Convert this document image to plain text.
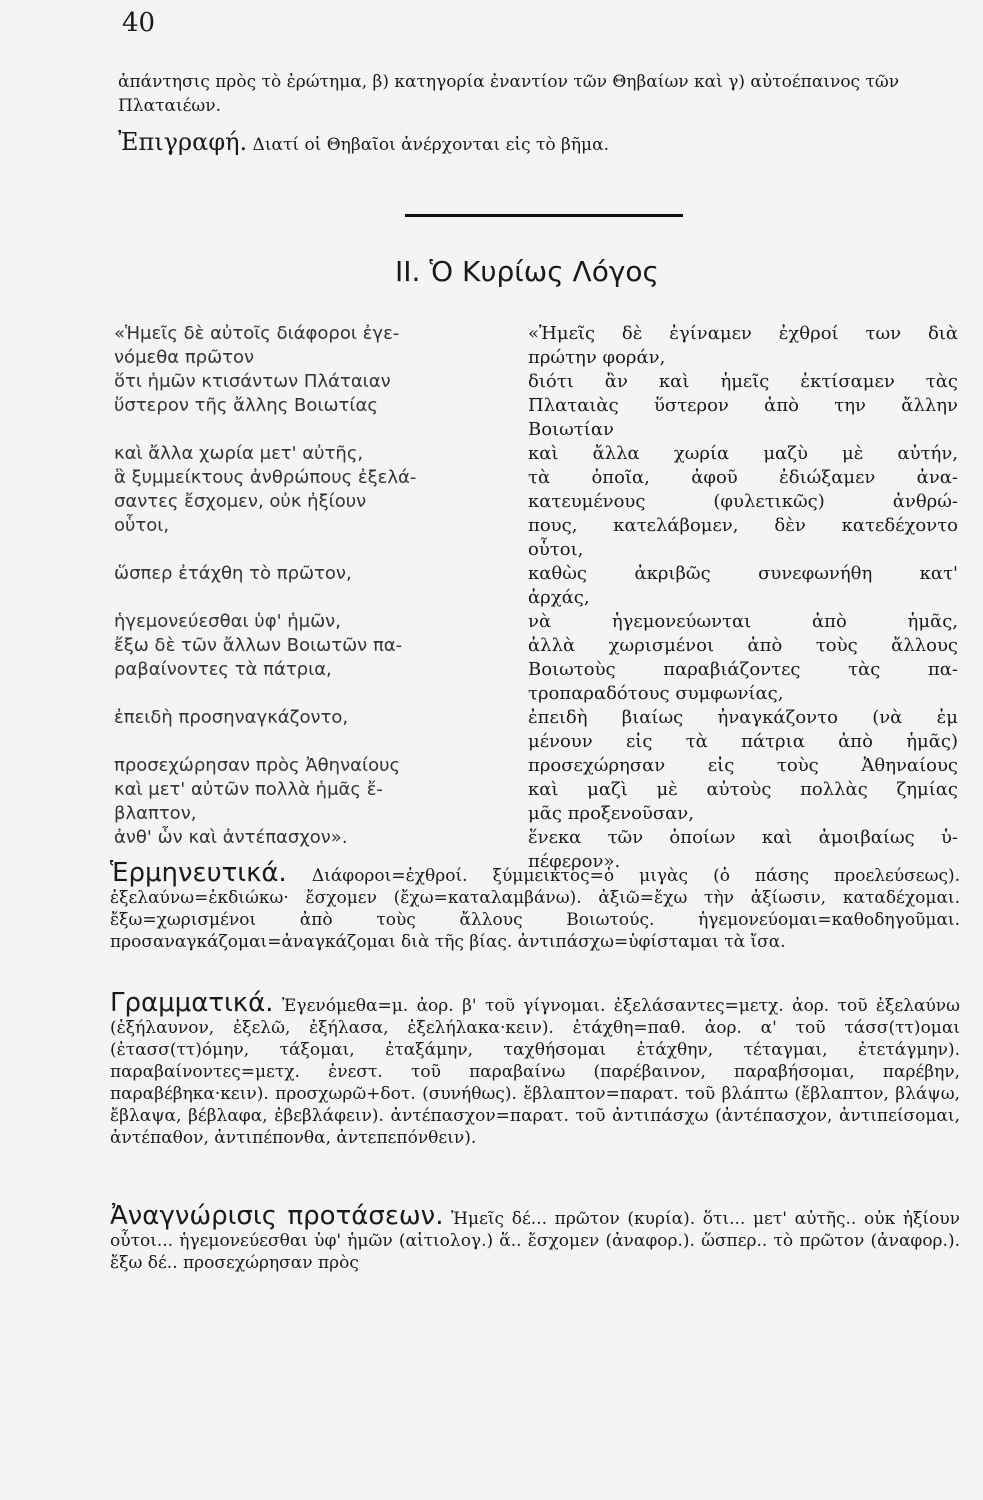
40
ἀπάντησις πρὸς τὸ ἐρώτημα, β) κατηγορία ἐναντίον τῶν Θηβαίων καὶ γ) αὐτοέπαινος τῶν Πλαταιέων.
Ἐπιγραφή. Διατί οἱ Θηβαῖοι ἀνέρχονται εἰς τὸ βῆμα.
II. Ὁ Κυρίως Λόγος

«Ἡμεῖς δὲ αὐτοῖς διάφοροι ἐγε-

νόμεθα πρῶτον

ὅτι ἡμῶν κτισάντων Πλάταιαν

ὕστερον τῆς ἄλλης Βοιωτίας

καὶ ἄλλα χωρία μετ' αὐτῆς,

ἃ ξυμμείκτους ἀνθρώπους ἐξελά-

σαντες ἔσχομεν, οὐκ ἠξίουν

οὗτοι,

ὥσπερ ἐτάχθη τὸ πρῶτον,

ἡγεμονεύεσθαι ὑφ' ἡμῶν,

ἔξω δὲ τῶν ἄλλων Βοιωτῶν πα-

ραβαίνοντες τὰ πάτρια,

ἐπειδὴ προσηναγκάζοντο,

προσεχώρησαν πρὸς Ἀθηναίους

καὶ μετ' αὐτῶν πολλὰ ἡμᾶς ἔ-

βλαπτον,

ἀνθ' ὧν καὶ ἀντέπασχον».

«Ἡμεῖς δὲ ἐγίναμεν ἐχθροί των διὰ

πρώτην φοράν,

διότι ἂν καὶ ἡμεῖς ἐκτίσαμεν τὰς

Πλαταιὰς ὕστερον ἀπὸ την ἄλλην

Βοιωτίαν

καὶ ἄλλα χωρία μαζὺ μὲ αὐτήν,

τὰ ὁποῖα, ἀφοῦ ἐδιώξαμεν ἀνα-

κατευμένους (φυλετικῶς) ἀνθρώ-

πους, κατελάβομεν, δὲν κατεδέχοντο

οὗτοι,

καθὼς ἀκριβῶς συνεφωνήθη κατ'

ἀρχάς,

νὰ ἡγεμονεύωνται ἀπὸ ἡμᾶς,

ἀλλὰ χωρισμένοι ἀπὸ τοὺς ἄλλους

Βοιωτοὺς παραβιάζοντες τὰς πα-

τροπαραδότους συμφωνίας,

ἐπειδὴ βιαίως ἠναγκάζοντο (νὰ ἐμ

μένουν εἰς τὰ πάτρια ἀπὸ ἡμᾶς)

προσεχώρησαν εἰς τοὺς Ἀθηναίους

καὶ μαζὶ μὲ αὐτοὺς πολλὰς ζημίας

μᾶς προξενοῦσαν,

ἕνεκα τῶν ὁποίων καὶ ἀμοιβαίως ὑ-

πέφερον».

Ἑρμηνευτικά. Διάφοροι=ἐχθροί. ξύμμεικτος=ὁ μιγὰς (ὁ πάσης προελεύσεως). ἐξελαύνω=ἐκδιώκω· ἔσχομεν (ἔχω=καταλαμβάνω). ἀξιῶ=ἔχω τὴν ἀξίωσιν, καταδέχομαι. ἔξω=χωρισμένοι ἀπὸ τοὺς ἄλλους Βοιωτούς. ἡγεμονεύομαι=καθοδηγοῦμαι. προσαναγκάζομαι=ἀναγκάζομαι διὰ τῆς βίας. ἀντιπάσχω=ὑφίσταμαι τὰ ἴσα.
Γραμματικά. Ἐγενόμεθα=μ. ἀορ. β' τοῦ γίγνομαι. ἐξελάσαντες=μετχ. ἀορ. τοῦ ἐξελαύνω (ἐξήλαυνον, ἐξελῶ, ἐξήλασα, ἐξελήλακα·κειν). ἐτάχθη=παθ. ἀορ. α' τοῦ τάσσ(ττ)ομαι (ἐτασσ(ττ)όμην, τάξομαι, ἐταξάμην, ταχθήσομαι ἐτάχθην, τέταγμαι, ἐτετάγμην). παραβαίνοντες=μετχ. ἐνεστ. τοῦ παραβαίνω (παρέβαινον, παραβήσομαι, παρέβην, παραβέβηκα·κειν). προσχωρῶ+δοτ. (συνήθως). ἔβλαπτον=παρατ. τοῦ βλάπτω (ἔβλαπτον, βλάψω, ἔβλαψα, βέβλαφα, ἐβεβλάφειν). ἀντέπασχον=παρατ. τοῦ ἀντιπάσχω (ἀντέπασχον, ἀντιπείσομαι, ἀντέπαθον, ἀντιπέπονθα, ἀντεπεπόνθειν).
Ἀναγνώρισις προτάσεων. Ἡμεῖς δέ... πρῶτον (κυρία). ὅτι... μετ' αὐτῆς.. οὐκ ἠξίουν οὗτοι... ἡγεμονεύεσθαι ὑφ' ἡμῶν (αἰτιολογ.) ἅ.. ἔσχομεν (ἀναφορ.). ὥσπερ.. τὸ πρῶτον (ἀναφορ.). ἔξω δέ.. προσεχώρησαν πρὸς
